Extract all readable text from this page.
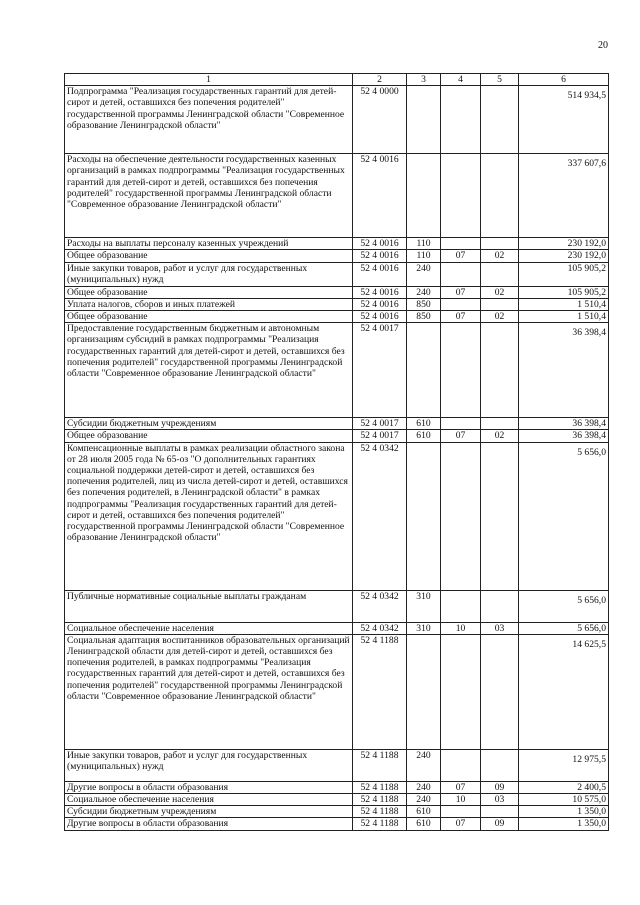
20
1	2	3	4	5	6
Подпрограмма "Реализация государственных гарантий для детей-сирот и детей, оставшихся без попечения родителей" государственной программы Ленинградской области "Современное образование Ленинградской области"	52 4 0000				514 934,5
Расходы на обеспечение деятельности государственных казенных организаций в рамках подпрограммы "Реализация государственных гарантий для детей-сирот и детей, оставшихся без попечения родителей" государственной программы Ленинградской области "Современное образование Ленинградской области"	52 4 0016				337 607,6
Расходы на выплаты персоналу казенных учреждений	52 4 0016	110			230 192,0
Общее образование	52 4 0016	110	07	02	230 192,0
Иные закупки товаров, работ и услуг для государственных (муниципальных) нужд	52 4 0016	240			105 905,2
Общее образование	52 4 0016	240	07	02	105 905,2
Уплата налогов, сборов и иных платежей	52 4 0016	850			1 510,4
Общее образование	52 4 0016	850	07	02	1 510,4
Предоставление государственным бюджетным и автономным организациям субсидий в рамках подпрограммы "Реализация государственных гарантий для детей-сирот и детей, оставшихся без попечения родителей" государственной программы Ленинградской области "Современное образование Ленинградской области"	52 4 0017				36 398,4
Субсидии бюджетным учреждениям	52 4 0017	610			36 398,4
Общее образование	52 4 0017	610	07	02	36 398,4
Компенсационные выплаты в рамках реализации областного закона от 28 июля 2005 года № 65-оз "О дополнительных гарантиях социальной поддержки детей-сирот и детей, оставшихся без попечения родителей, лиц из числа детей-сирот и детей, оставшихся без попечения родителей, в Ленинградской области" в рамках подпрограммы "Реализация государственных гарантий для детей-сирот и детей, оставшихся без попечения родителей" государственной программы Ленинградской области "Современное образование Ленинградской области"	52 4 0342				5 656,0
Публичные нормативные социальные выплаты гражданам	52 4 0342	310			5 656,0
Социальное обеспечение населения	52 4 0342	310	10	03	5 656,0
Социальная адаптация воспитанников образовательных организаций Ленинградской области для детей-сирот и детей, оставшихся без попечения родителей, в рамках подпрограммы "Реализация государственных гарантий для детей-сирот и детей, оставшихся без попечения родителей" государственной программы Ленинградской области "Современное образование Ленинградской области"	52 4 1188				14 625,5
Иные закупки товаров, работ и услуг для государственных (муниципальных) нужд	52 4 1188	240			12 975,5
Другие вопросы в области образования	52 4 1188	240	07	09	2 400,5
Социальное обеспечение населения	52 4 1188	240	10	03	10 575,0
Субсидии бюджетным учреждениям	52 4 1188	610			1 350,0
Другие вопросы в области образования	52 4 1188	610	07	09	1 350,0
